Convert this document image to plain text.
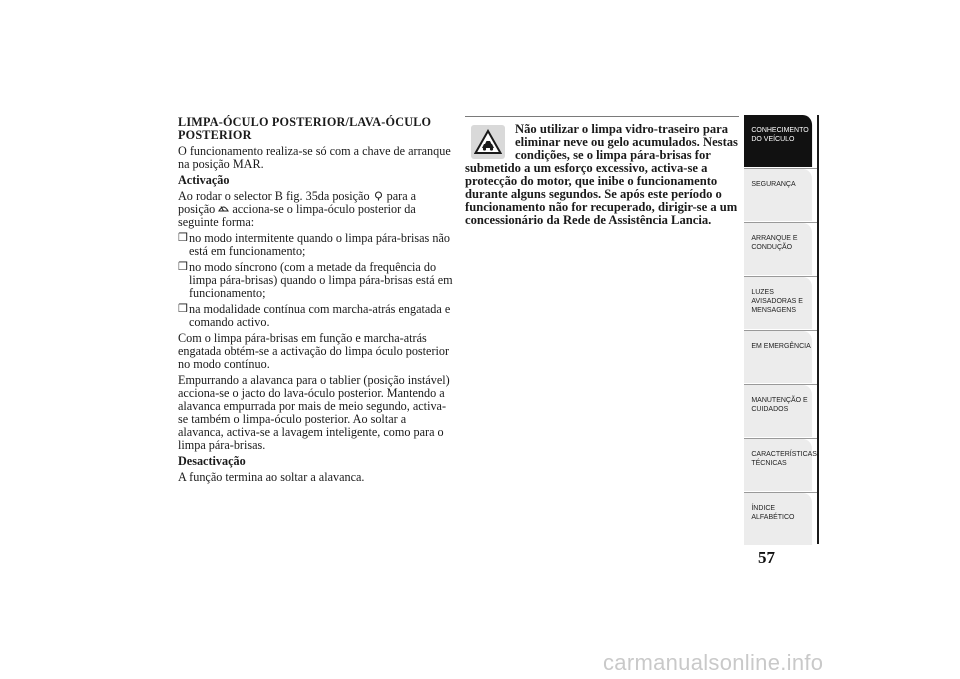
LIMPA-ÓCULO POSTERIOR/LAVA-ÓCULO
POSTERIOR

O funcionamento realiza-se só com a chave de arranque na posição MAR.

Activação

Ao rodar o selector B fig. 35da posição para a posição acciona-se o limpa-óculo posterior da seguinte forma:

❒ no modo intermitente quando o limpa pára-brisas não está em funcionamento;
❒ no modo síncrono (com a metade da frequência do limpa pára-brisas) quando o limpa pára-brisas está em funcionamento;
❒ na modalidade contínua com marcha-atrás engatada e comando activo.

Com o limpa pára-brisas em função e marcha-atrás engatada obtém-se a activação do limpa óculo posterior no modo contínuo.

Empurrando a alavanca para o tablier (posição instável) acciona-se o jacto do lava-óculo posterior. Mantendo a alavanca empurrada por mais de meio segundo, activa-se também o limpa-óculo posterior. Ao soltar a alavanca, activa-se a lavagem inteligente, como para o limpa pára-brisas.

Desactivação

A função termina ao soltar a alavanca.

Não utilizar o limpa vidro-traseiro para eliminar neve ou gelo acumulados. Nestas condições, se o limpa pára-brisas for submetido a um esforço excessivo, activa-se a protecção do motor, que inibe o funcionamento durante alguns segundos. Se após este período o funcionamento não for recuperado, dirigir-se a um concessionário da Rede de Assistência Lancia.

CONHECIMENTO
DO VEÍCULO
SEGURANÇA
ARRANQUE E
CONDUÇÃO
LUZES
AVISADORAS E
MENSAGENS
EM EMERGÊNCIA
MANUTENÇÃO E
CUIDADOS
CARACTERÍSTICAS
TÉCNICAS
ÍNDICE
ALFABÉTICO
57
carmanualsonline.info
